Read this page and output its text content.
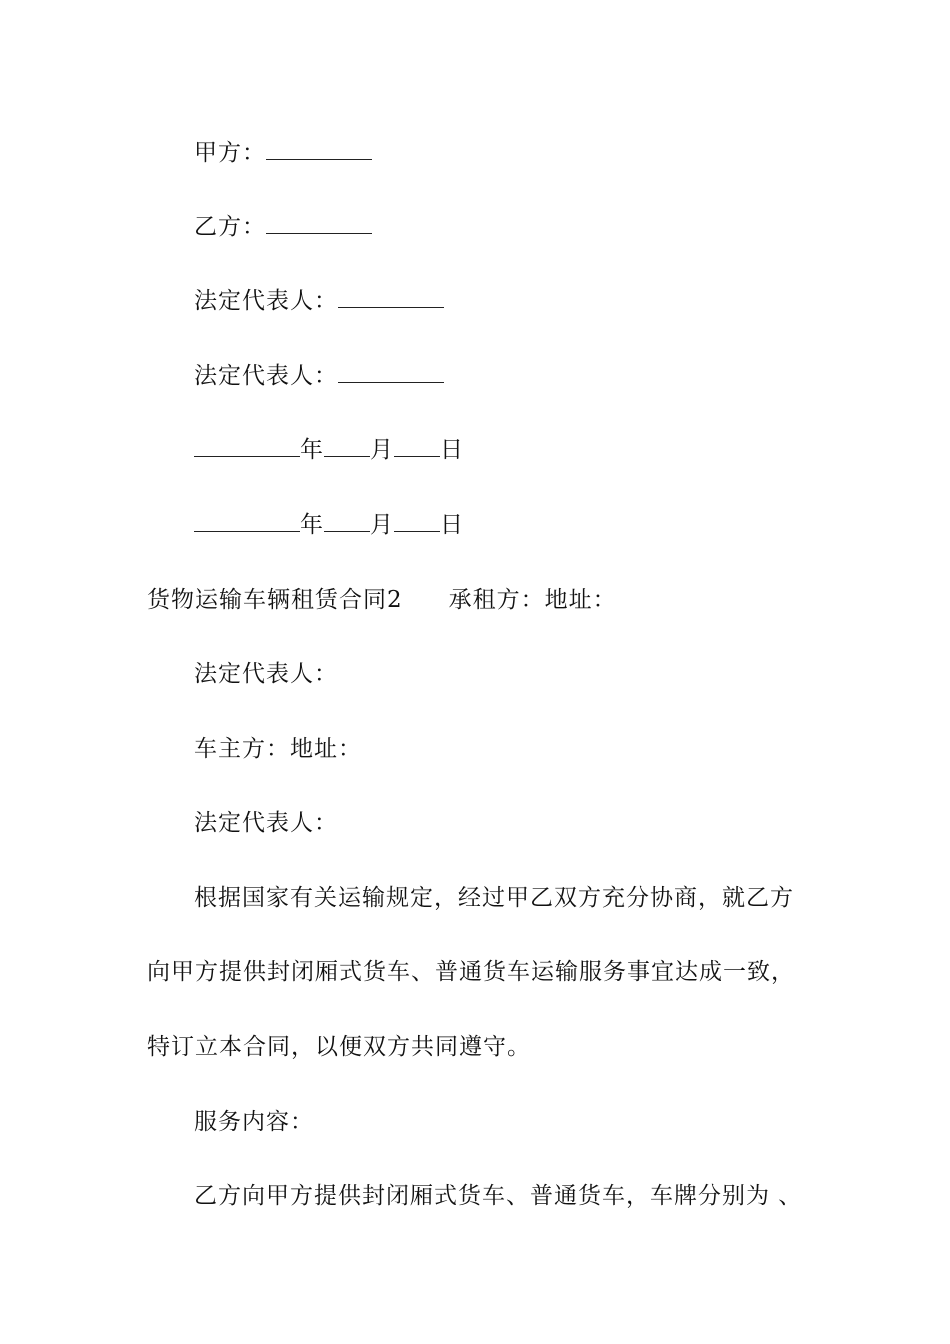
甲方：
乙方：
法定代表人：
法定代表人：
年 月 日
年 月 日
货物运输车辆租赁合同2 承租方：地址：
法定代表人：
车主方：地址：
法定代表人：
根据国家有关运输规定，经过甲乙双方充分协商，就乙方
向甲方提供封闭厢式货车、普通货车运输服务事宜达成一致，
特订立本合同，以便双方共同遵守。
服务内容：
乙方向甲方提供封闭厢式货车、普通货车，车牌分别为 、
